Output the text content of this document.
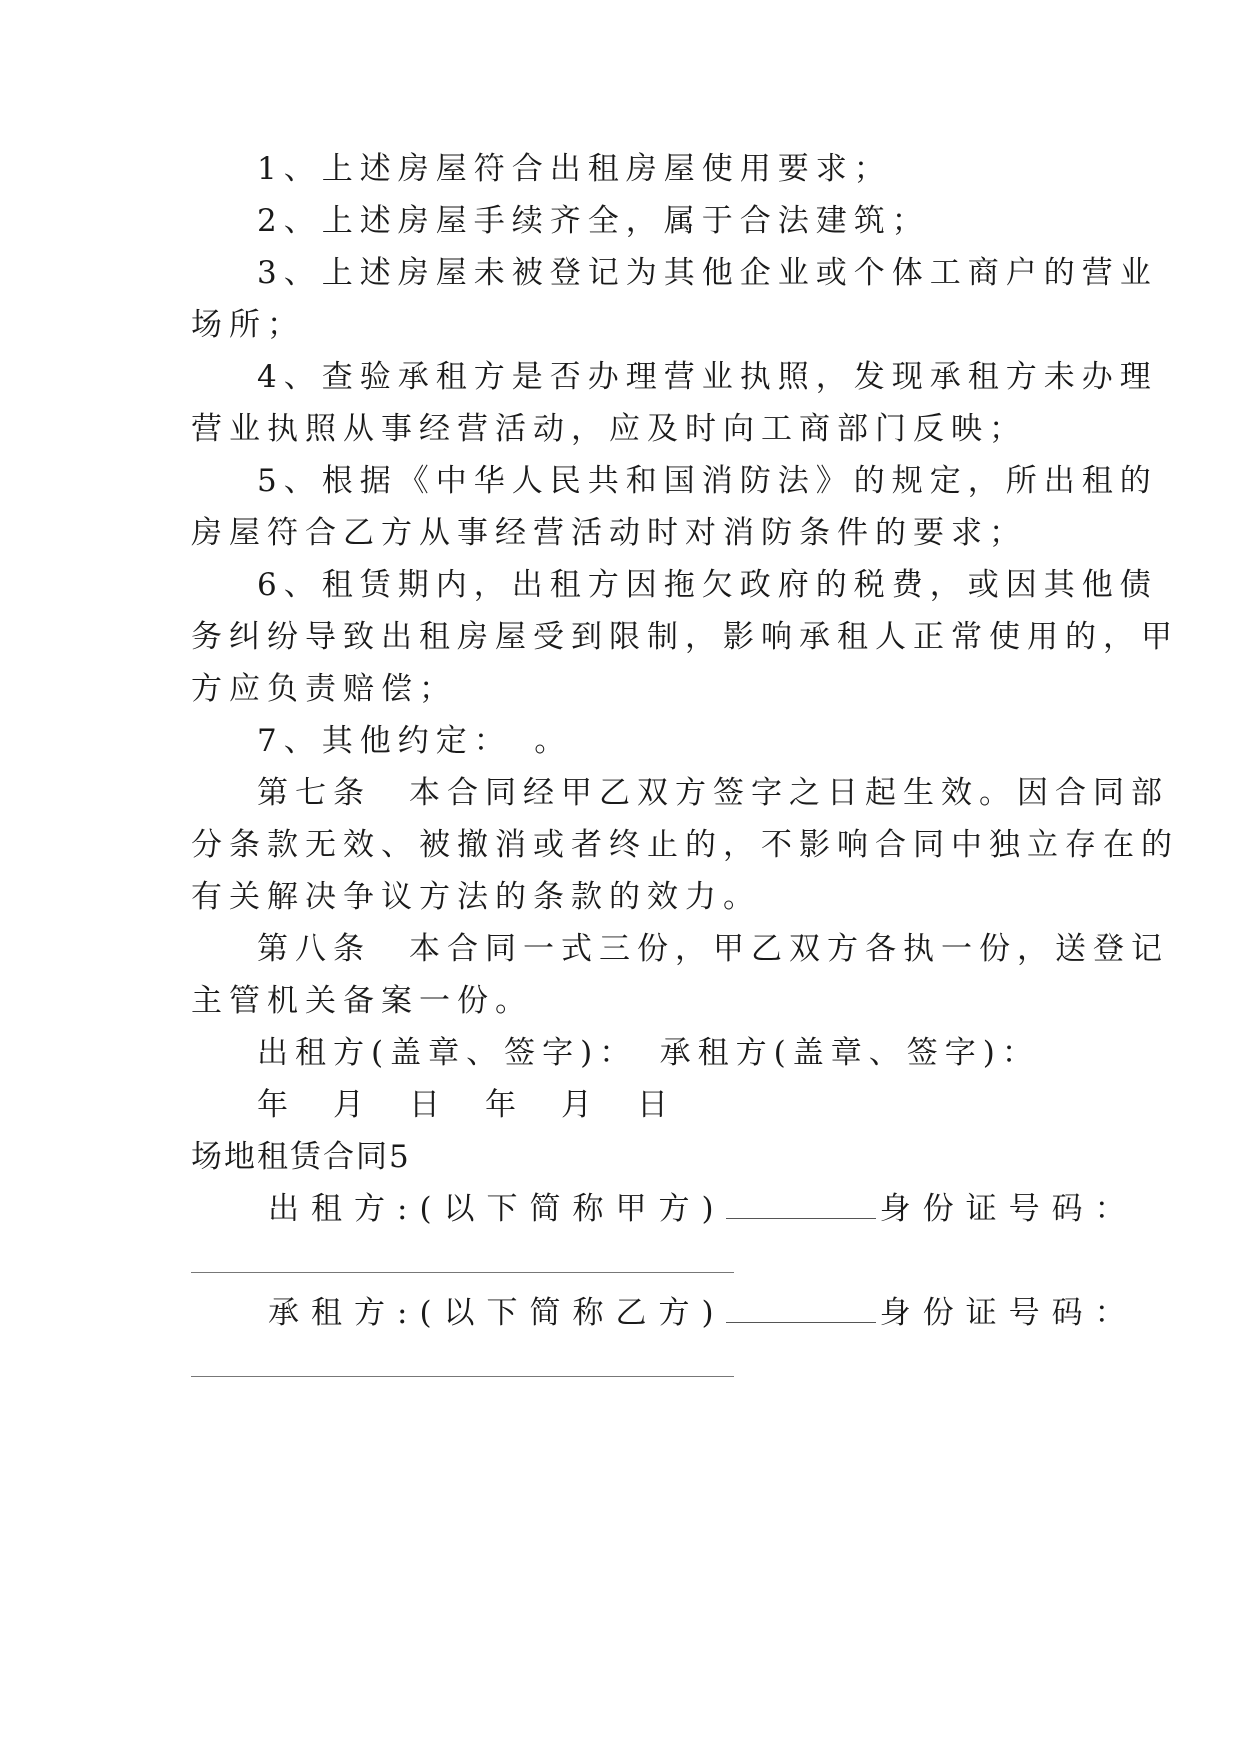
1、上述房屋符合出租房屋使用要求；
2、上述房屋手续齐全，属于合法建筑；
3、上述房屋未被登记为其他企业或个体工商户的营业
场所；
4、查验承租方是否办理营业执照，发现承租方未办理
营业执照从事经营活动，应及时向工商部门反映；
5、根据《中华人民共和国消防法》的规定，所出租的
房屋符合乙方从事经营活动时对消防条件的要求；
6、租赁期内，出租方因拖欠政府的税费，或因其他债
务纠纷导致出租房屋受到限制，影响承租人正常使用的，甲
方应负责赔偿；
7、其他约定：　。
第七条　本合同经甲乙双方签字之日起生效。因合同部
分条款无效、被撤消或者终止的，不影响合同中独立存在的
有关解决争议方法的条款的效力。
第八条　本合同一式三份，甲乙双方各执一份，送登记
主管机关备案一份。
出租方(盖章、签字)：　承租方(盖章、签字)：
年　月　日　年　月　日
场地租赁合同5
出租方:(以下简称甲方)	身份证号码：
承租方:(以下简称乙方)	身份证号码：
